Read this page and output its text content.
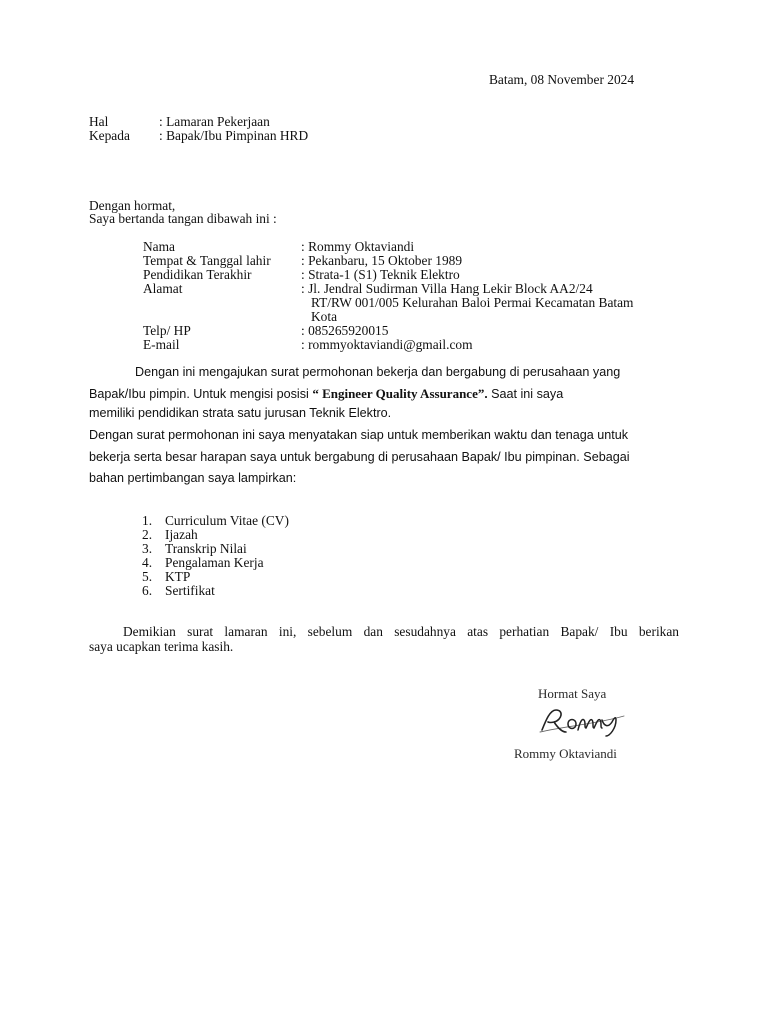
Batam, 08 November 2024
Hal	: Lamaran Pekerjaan
Kepada : Bapak/Ibu Pimpinan HRD
Dengan hormat,
Saya bertanda tangan dibawah ini :
Nama	: Rommy Oktaviandi
Tempat & Tanggal lahir : Pekanbaru, 15 Oktober 1989
Pendidikan Terakhir	: Strata-1 (S1) Teknik Elektro
Alamat	: Jl. Jendral Sudirman Villa Hang Lekir Block AA2/24
RT/RW 001/005 Kelurahan Baloi Permai Kecamatan Batam
Kota
Telp/ HP	: 085265920015
E-mail	: rommyoktaviandi@gmail.com
Dengan ini mengajukan surat permohonan bekerja dan bergabung di perusahaan yang
Bapak/Ibu pimpin. Untuk mengisi posisi “ Engineer Quality Assurance”. Saat ini saya
memiliki pendidikan strata satu jurusan Teknik Elektro.
Dengan surat permohonan ini saya menyatakan siap untuk memberikan waktu dan tenaga untuk
bekerja serta besar harapan saya untuk bergabung di perusahaan Bapak/ Ibu pimpinan. Sebagai
bahan pertimbangan saya lampirkan:
1. Curriculum Vitae (CV)
2. Ijazah
3. Transkrip Nilai
4. Pengalaman Kerja
5. KTP
6. Sertifikat
Demikian surat lamaran ini, sebelum dan sesudahnya atas perhatian Bapak/ Ibu berikan
saya ucapkan terima kasih.
Hormat Saya
Rommy Oktaviandi
